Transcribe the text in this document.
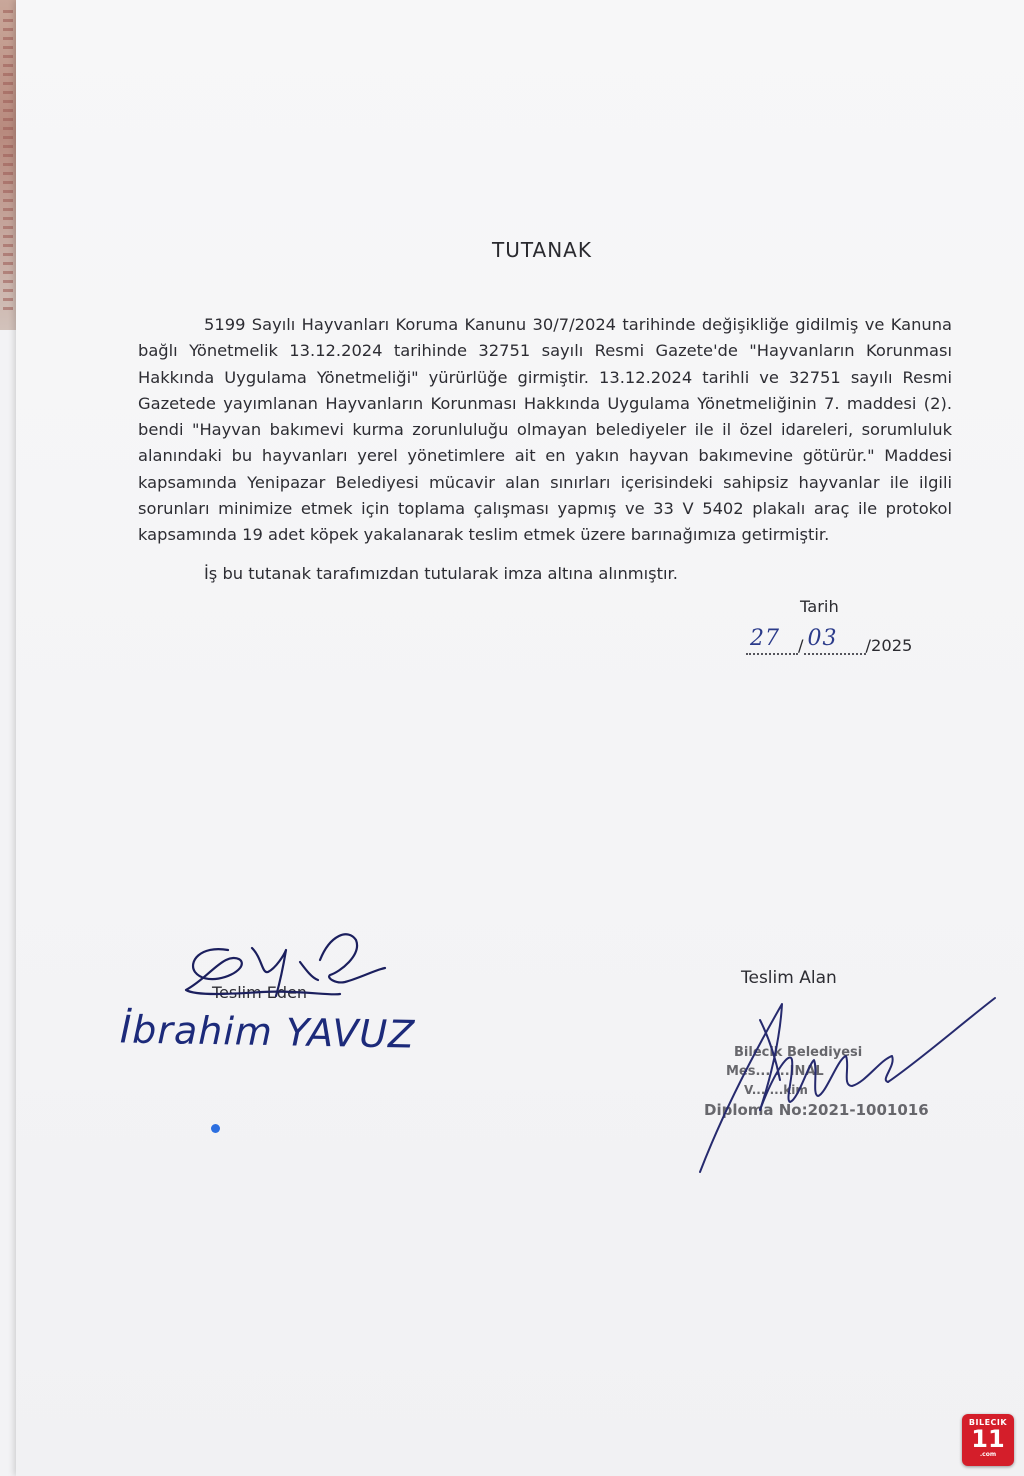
TUTANAK

5199 Sayılı Hayvanları Koruma Kanunu 30/7/2024 tarihinde değişikliğe gidilmiş ve Kanuna bağlı Yönetmelik 13.12.2024 tarihinde 32751 sayılı Resmi Gazete'de "Hayvanların Korunması Hakkında Uygulama Yönetmeliği" yürürlüğe girmiştir. 13.12.2024 tarihli ve 32751 sayılı Resmi Gazetede yayımlanan Hayvanların Korunması Hakkında Uygulama Yönetmeliğinin 7. maddesi (2). bendi "Hayvan bakımevi kurma zorunluluğu olmayan belediyeler ile il özel idareleri, sorumluluk alanındaki bu hayvanları yerel yönetimlere ait en yakın hayvan bakımevine götürür." Maddesi kapsamında Yenipazar Belediyesi mücavir alan sınırları içerisindeki sahipsiz hayvanlar ile ilgili sorunları minimize etmek için toplama çalışması yapmış ve 33 V 5402 plakalı araç ile protokol kapsamında 19 adet köpek yakalanarak teslim etmek üzere barınağımıza getirmiştir.

İş bu tutanak tarafımızdan tutularak imza altına alınmıştır.

Tarih
27 / 03 /2025
Teslim Eden
İbrahim YAVUZ
Teslim Alan
Bilecik Belediyesi
Mes... ...INAL
V... ...kim
Diploma No:2021-1001016
BILECIK
11
.com
